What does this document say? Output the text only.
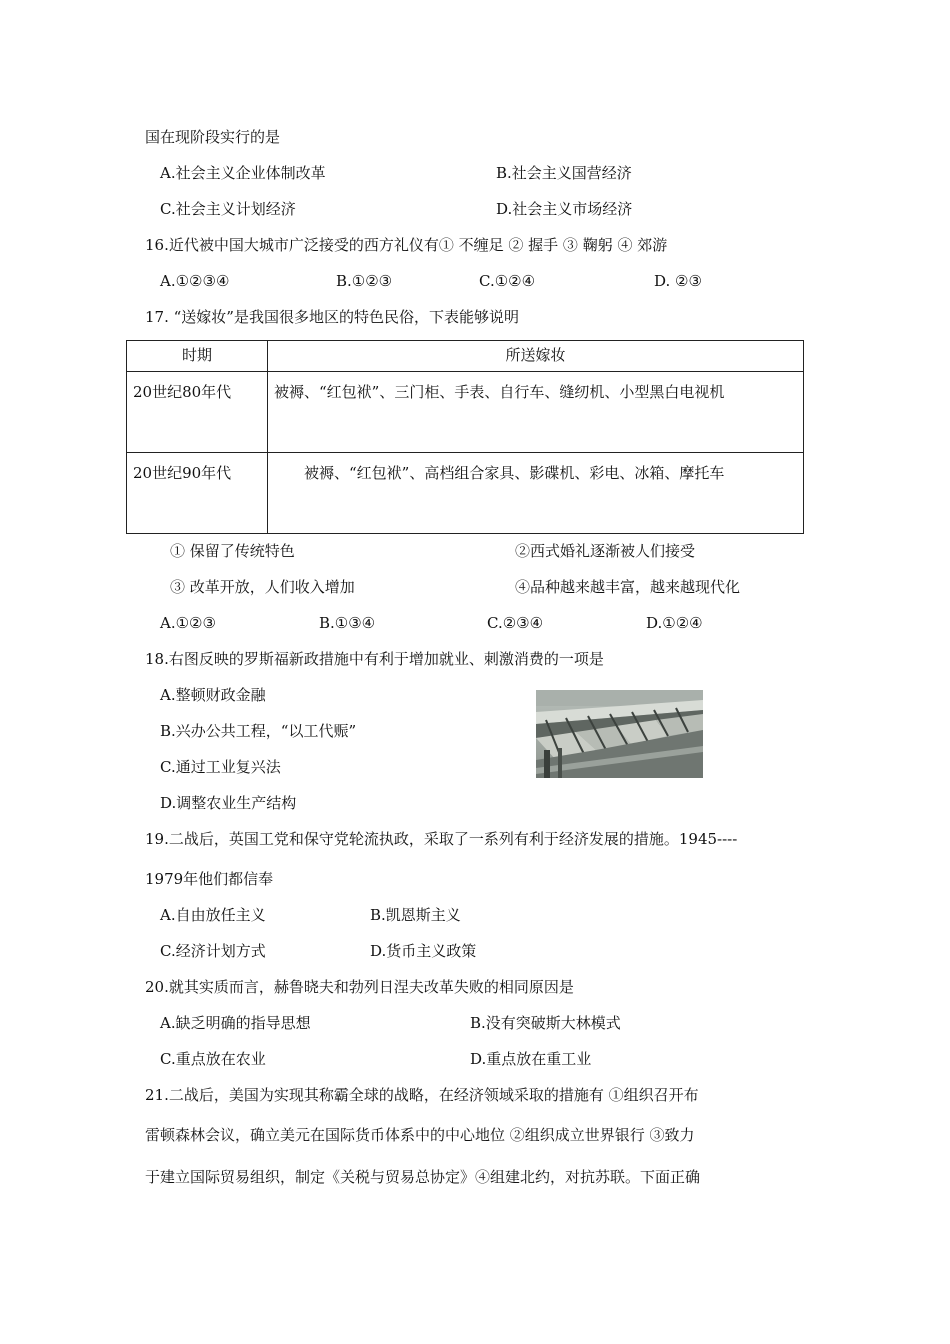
国在现阶段实行的是
A.社会主义企业体制改革	B.社会主义国营经济
C.社会主义计划经济	D.社会主义市场经济
16.近代被中国大城市广泛接受的西方礼仪有① 不缠足 ② 握手 ③ 鞠躬 ④ 郊游
A.①②③④	B.①②③	C.①②④	D. ②③
17. “送嫁妆”是我国很多地区的特色民俗，下表能够说明
时期	所送嫁妆
20世纪80年代	被褥、“红包袱”、三门柜、手表、自行车、缝纫机、小型黑白电视机
20世纪90年代	被褥、“红包袱”、高档组合家具、影碟机、彩电、冰箱、摩托车
① 保留了传统特色	②西式婚礼逐渐被人们接受
③ 改革开放，人们收入增加	④品种越来越丰富，越来越现代化
A.①②③	B.①③④	C.②③④	D.①②④
18.右图反映的罗斯福新政措施中有利于增加就业、刺激消费的一项是
A.整顿财政金融
B.兴办公共工程，“以工代赈”
C.通过工业复兴法
D.调整农业生产结构
19.二战后，英国工党和保守党轮流执政，采取了一系列有利于经济发展的措施。1945----
1979年他们都信奉
A.自由放任主义	B.凯恩斯主义
C.经济计划方式	D.货币主义政策
20.就其实质而言，赫鲁晓夫和勃列日涅夫改革失败的相同原因是
A.缺乏明确的指导思想	B.没有突破斯大林模式
C.重点放在农业	D.重点放在重工业
21.二战后，美国为实现其称霸全球的战略，在经济领域采取的措施有 ①组织召开布
雷顿森林会议，确立美元在国际货币体系中的中心地位 ②组织成立世界银行 ③致力
于建立国际贸易组织，制定《关税与贸易总协定》④组建北约，对抗苏联。下面正确
